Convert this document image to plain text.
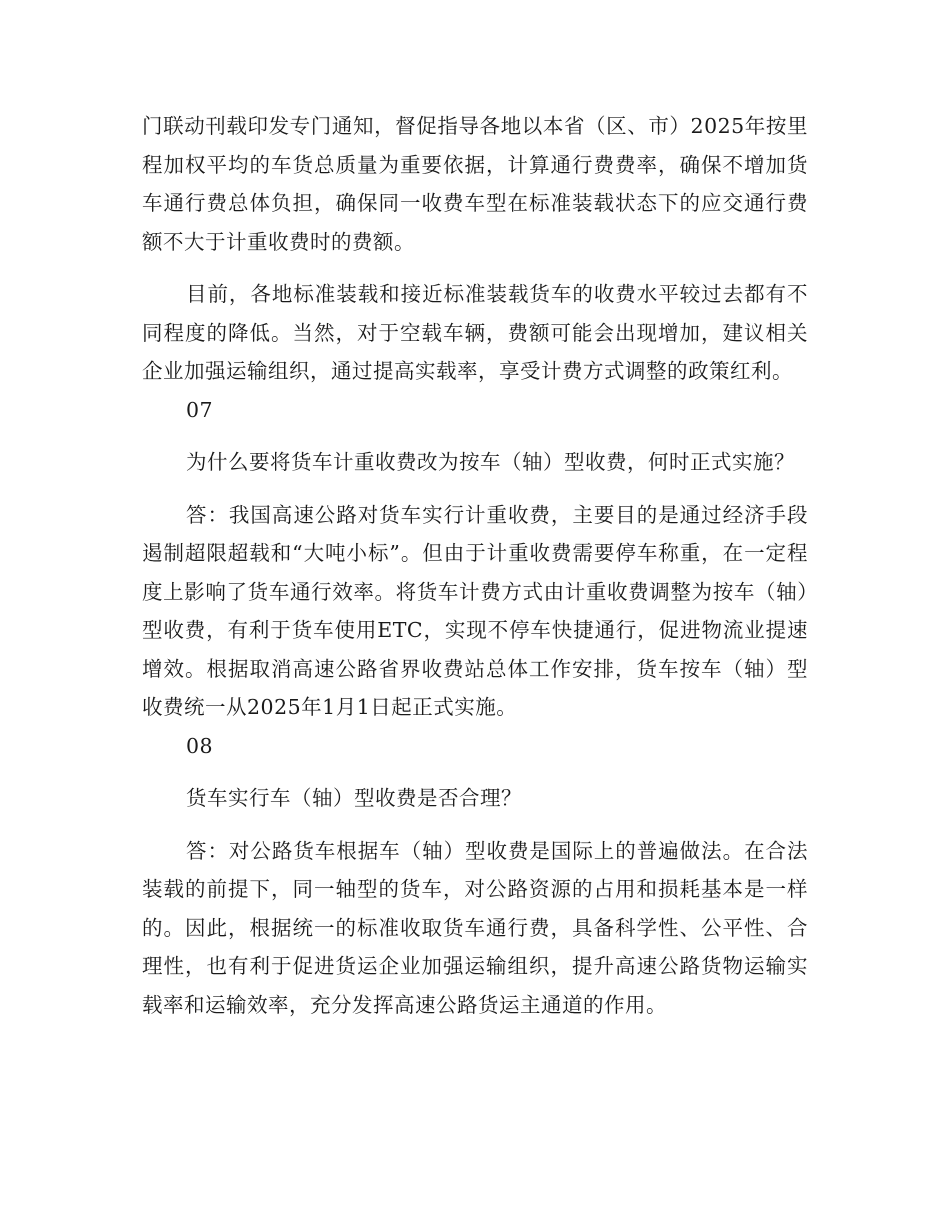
门联动刊载印发专门通知，督促指导各地以本省（区、市）2025年按里程加权平均的车货总质量为重要依据，计算通行费费率，确保不增加货车通行费总体负担，确保同一收费车型在标准装载状态下的应交通行费额不大于计重收费时的费额。

目前，各地标准装载和接近标准装载货车的收费水平较过去都有不同程度的降低。当然，对于空载车辆，费额可能会出现增加，建议相关企业加强运输组织，通过提高实载率，享受计费方式调整的政策红利。

07

为什么要将货车计重收费改为按车（轴）型收费，何时正式实施？

答：我国高速公路对货车实行计重收费，主要目的是通过经济手段遏制超限超载和“大吨小标”。但由于计重收费需要停车称重，在一定程度上影响了货车通行效率。将货车计费方式由计重收费调整为按车（轴）型收费，有利于货车使用ETC，实现不停车快捷通行，促进物流业提速增效。根据取消高速公路省界收费站总体工作安排，货车按车（轴）型收费统一从2025年1月1日起正式实施。

08

货车实行车（轴）型收费是否合理？

答：对公路货车根据车（轴）型收费是国际上的普遍做法。在合法装载的前提下，同一轴型的货车，对公路资源的占用和损耗基本是一样的。因此，根据统一的标准收取货车通行费，具备科学性、公平性、合理性，也有利于促进货运企业加强运输组织，提升高速公路货物运输实载率和运输效率，充分发挥高速公路货运主通道的作用。
